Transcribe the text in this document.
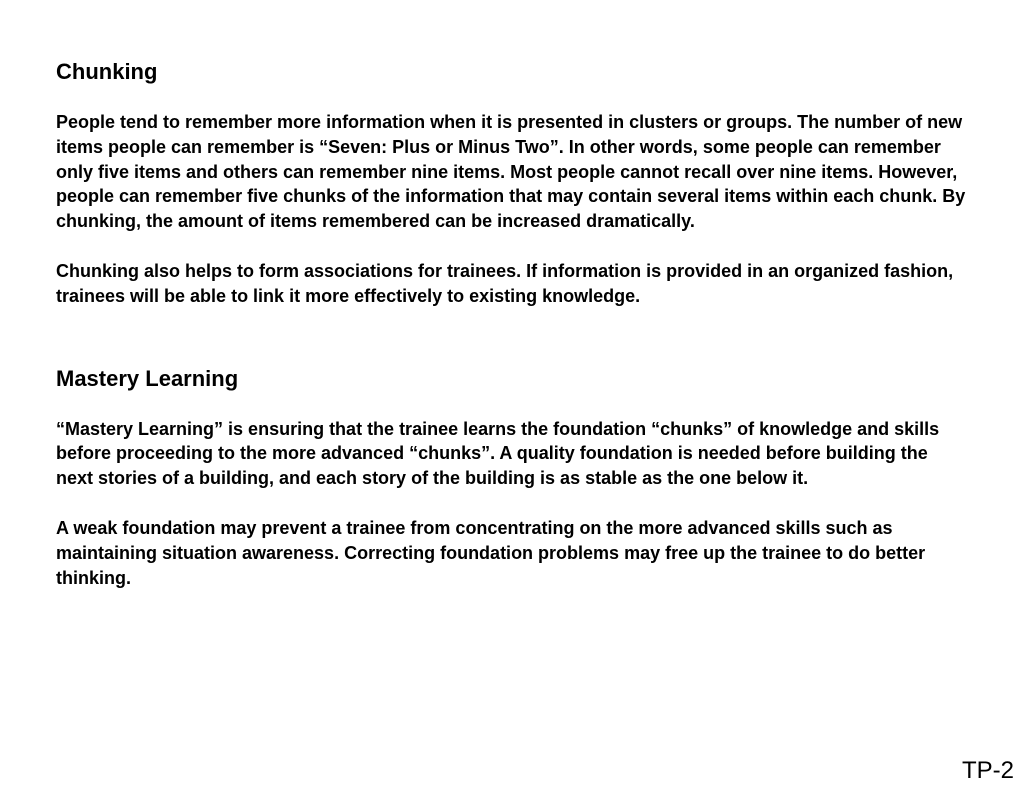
Chunking

People tend to remember more information when it is presented in clusters or groups. The number of new items people can remember is “Seven: Plus or Minus Two”. In other words, some people can remember only five items and others can remember nine items. Most people cannot recall over nine items. However, people can remember five chunks of the information that may contain several items within each chunk. By chunking, the amount of items remembered can be increased dramatically.

Chunking also helps to form associations for trainees. If information is provided in an organized fashion, trainees will be able to link it more effectively to existing knowledge.

Mastery Learning

“Mastery Learning” is ensuring that the trainee learns the foundation “chunks” of knowledge and skills before proceeding to the more advanced “chunks”. A quality foundation is needed before building the next stories of a building, and each story of the building is as stable as the one below it.

A weak foundation may prevent a trainee from concentrating on the more advanced skills such as maintaining situation awareness. Correcting foundation problems may free up the trainee to do better thinking.

TP-2
